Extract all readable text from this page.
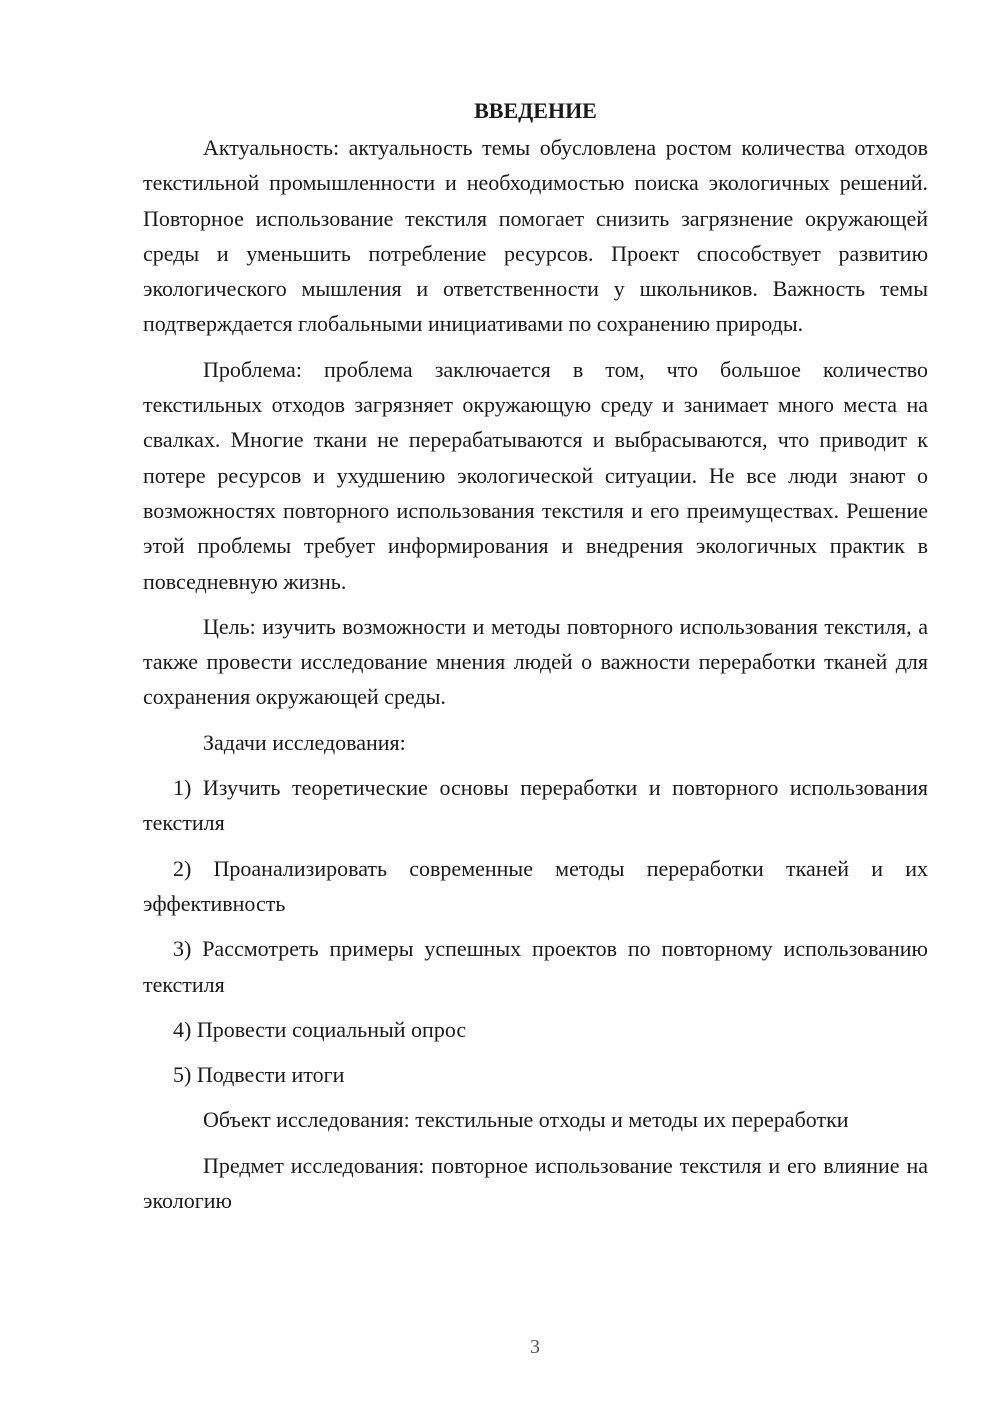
ВВЕДЕНИЕ

Актуальность: актуальность темы обусловлена ростом количества отходов текстильной промышленности и необходимостью поиска экологичных решений. Повторное использование текстиля помогает снизить загрязнение окружающей среды и уменьшить потребление ресурсов. Проект способствует развитию экологического мышления и ответственности у школьников. Важность темы подтверждается глобальными инициативами по сохранению природы.

Проблема: проблема заключается в том, что большое количество текстильных отходов загрязняет окружающую среду и занимает много места на свалках. Многие ткани не перерабатываются и выбрасываются, что приводит к потере ресурсов и ухудшению экологической ситуации. Не все люди знают о возможностях повторного использования текстиля и его преимуществах. Решение этой проблемы требует информирования и внедрения экологичных практик в повседневную жизнь.

Цель: изучить возможности и методы повторного использования текстиля, а также провести исследование мнения людей о важности переработки тканей для сохранения окружающей среды.

Задачи исследования:

1) Изучить теоретические основы переработки и повторного использования текстиля

2) Проанализировать современные методы переработки тканей и их эффективность

3) Рассмотреть примеры успешных проектов по повторному использованию текстиля

4) Провести социальный опрос

5) Подвести итоги

Объект исследования: текстильные отходы и методы их переработки

Предмет исследования: повторное использование текстиля и его влияние на экологию

3
